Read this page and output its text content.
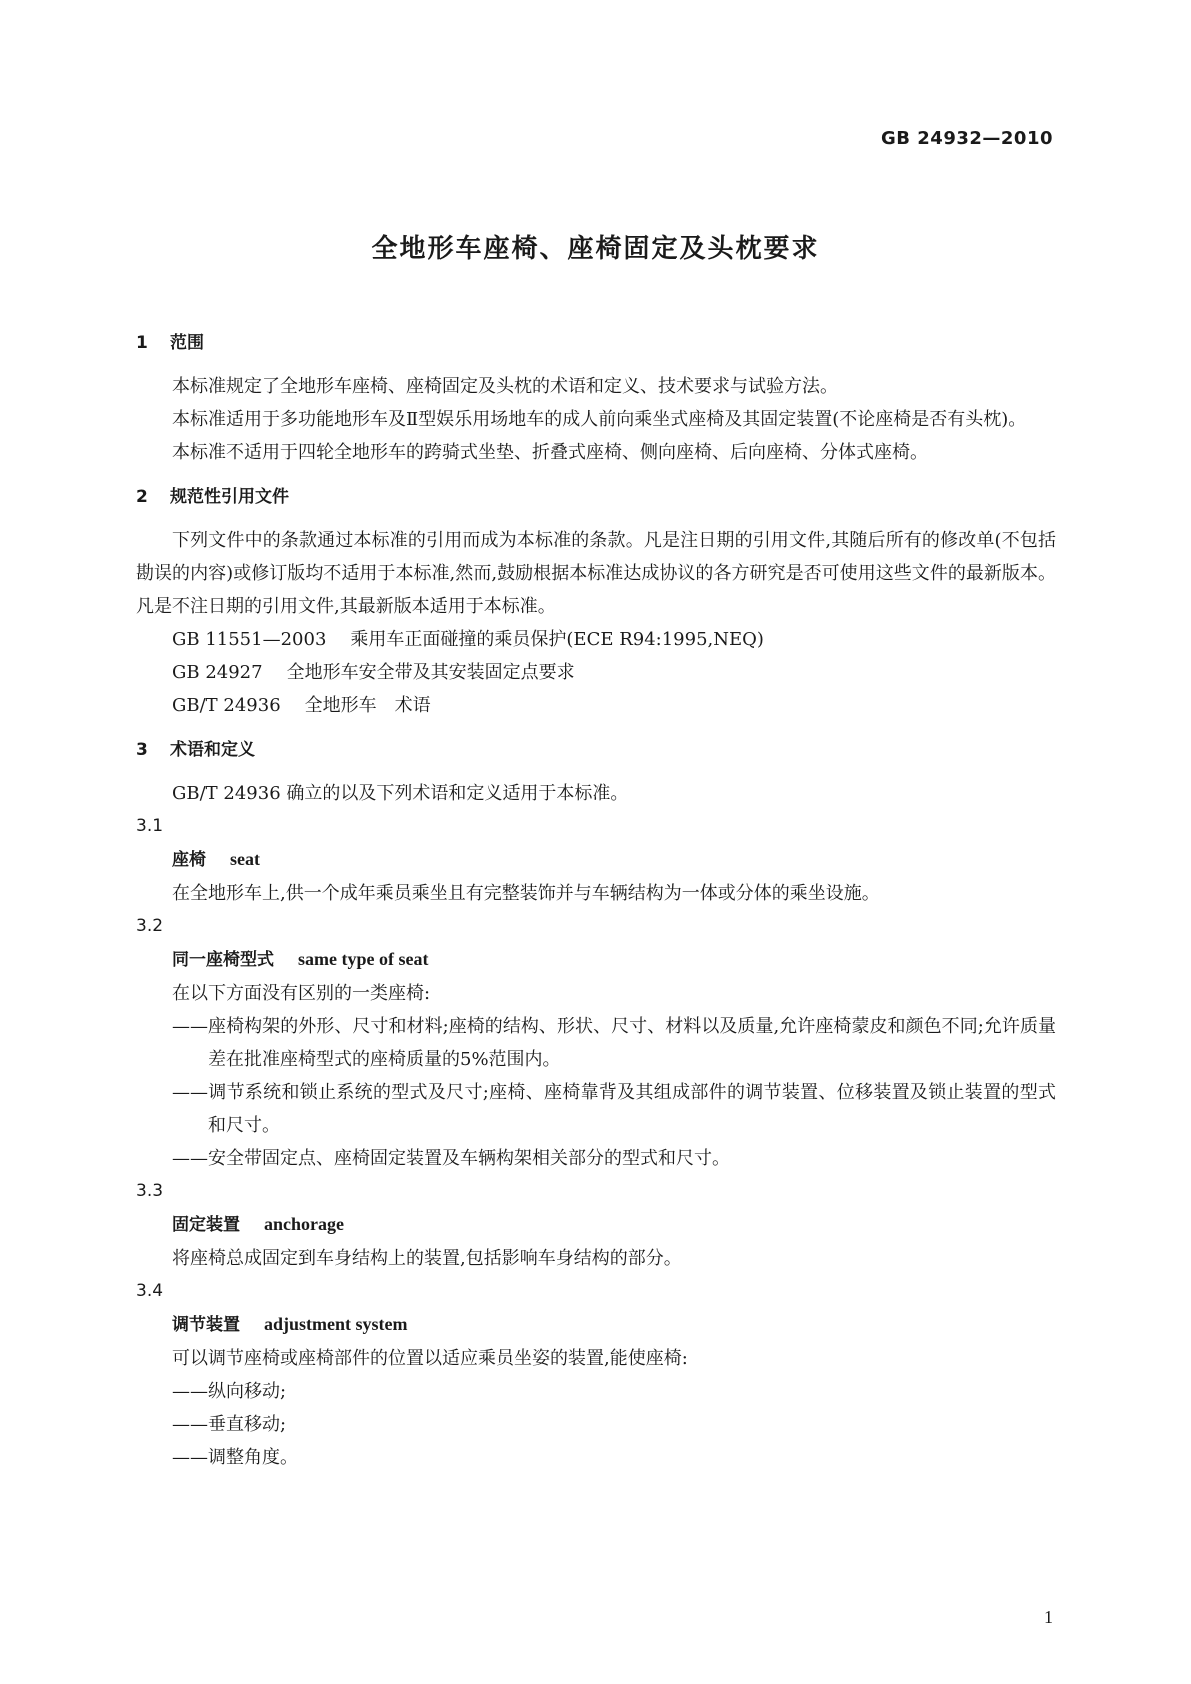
GB 24932—2010
全地形车座椅、座椅固定及头枕要求
1 范围
本标准规定了全地形车座椅、座椅固定及头枕的术语和定义、技术要求与试验方法。
本标准适用于多功能地形车及Ⅱ型娱乐用场地车的成人前向乘坐式座椅及其固定装置(不论座椅是否有头枕)。
本标准不适用于四轮全地形车的跨骑式坐垫、折叠式座椅、侧向座椅、后向座椅、分体式座椅。
2 规范性引用文件
下列文件中的条款通过本标准的引用而成为本标准的条款。凡是注日期的引用文件,其随后所有的修改单(不包括勘误的内容)或修订版均不适用于本标准,然而,鼓励根据本标准达成协议的各方研究是否可使用这些文件的最新版本。凡是不注日期的引用文件,其最新版本适用于本标准。
GB 11551—2003 乘用车正面碰撞的乘员保护(ECE R94:1995,NEQ)
GB 24927 全地形车安全带及其安装固定点要求
GB/T 24936 全地形车　术语
3 术语和定义
GB/T 24936 确立的以及下列术语和定义适用于本标准。
3.1
座椅 seat
在全地形车上,供一个成年乘员乘坐且有完整装饰并与车辆结构为一体或分体的乘坐设施。
3.2
同一座椅型式 same type of seat
在以下方面没有区别的一类座椅:
—— 座椅构架的外形、尺寸和材料;座椅的结构、形状、尺寸、材料以及质量,允许座椅蒙皮和颜色不同;允许质量差在批准座椅型式的座椅质量的5%范围内。
—— 调节系统和锁止系统的型式及尺寸;座椅、座椅靠背及其组成部件的调节装置、位移装置及锁止装置的型式和尺寸。
—— 安全带固定点、座椅固定装置及车辆构架相关部分的型式和尺寸。
3.3
固定装置 anchorage
将座椅总成固定到车身结构上的装置,包括影响车身结构的部分。
3.4
调节装置 adjustment system
可以调节座椅或座椅部件的位置以适应乘员坐姿的装置,能使座椅:
—— 纵向移动;
—— 垂直移动;
—— 调整角度。
1
